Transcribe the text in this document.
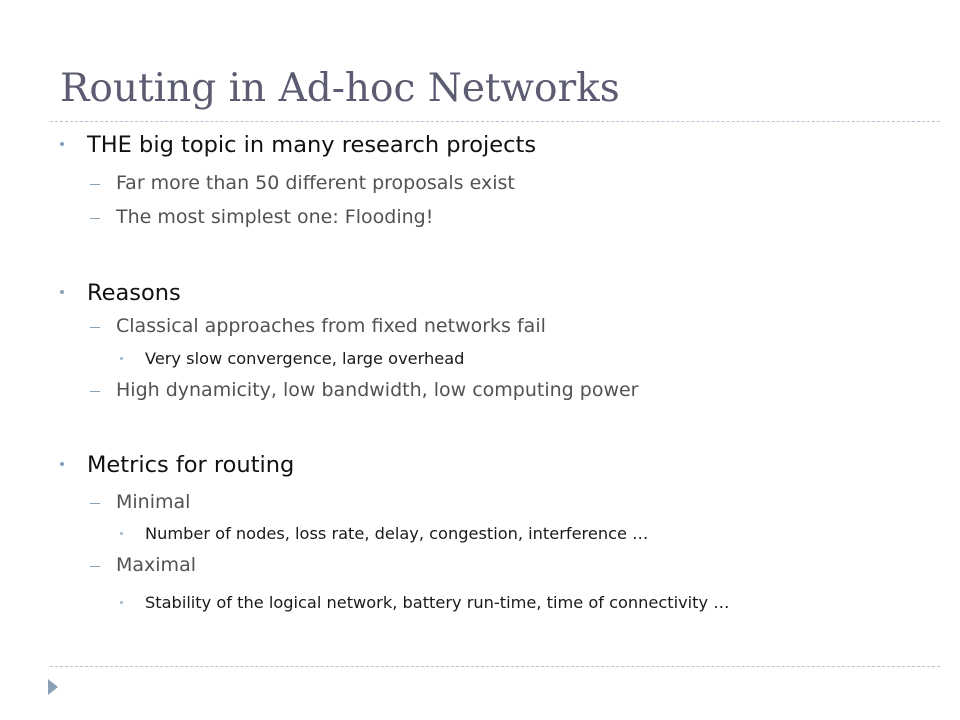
Routing in Ad-hoc Networks
THE big topic in many research projects
Far more than 50 different proposals exist
The most simplest one: Flooding!
Reasons
Classical approaches from fixed networks fail
Very slow convergence, large overhead
High dynamicity, low bandwidth, low computing power
Metrics for routing
Minimal
Number of nodes, loss rate, delay, congestion, interference …
Maximal
Stability of the logical network, battery run-time, time of connectivity …
